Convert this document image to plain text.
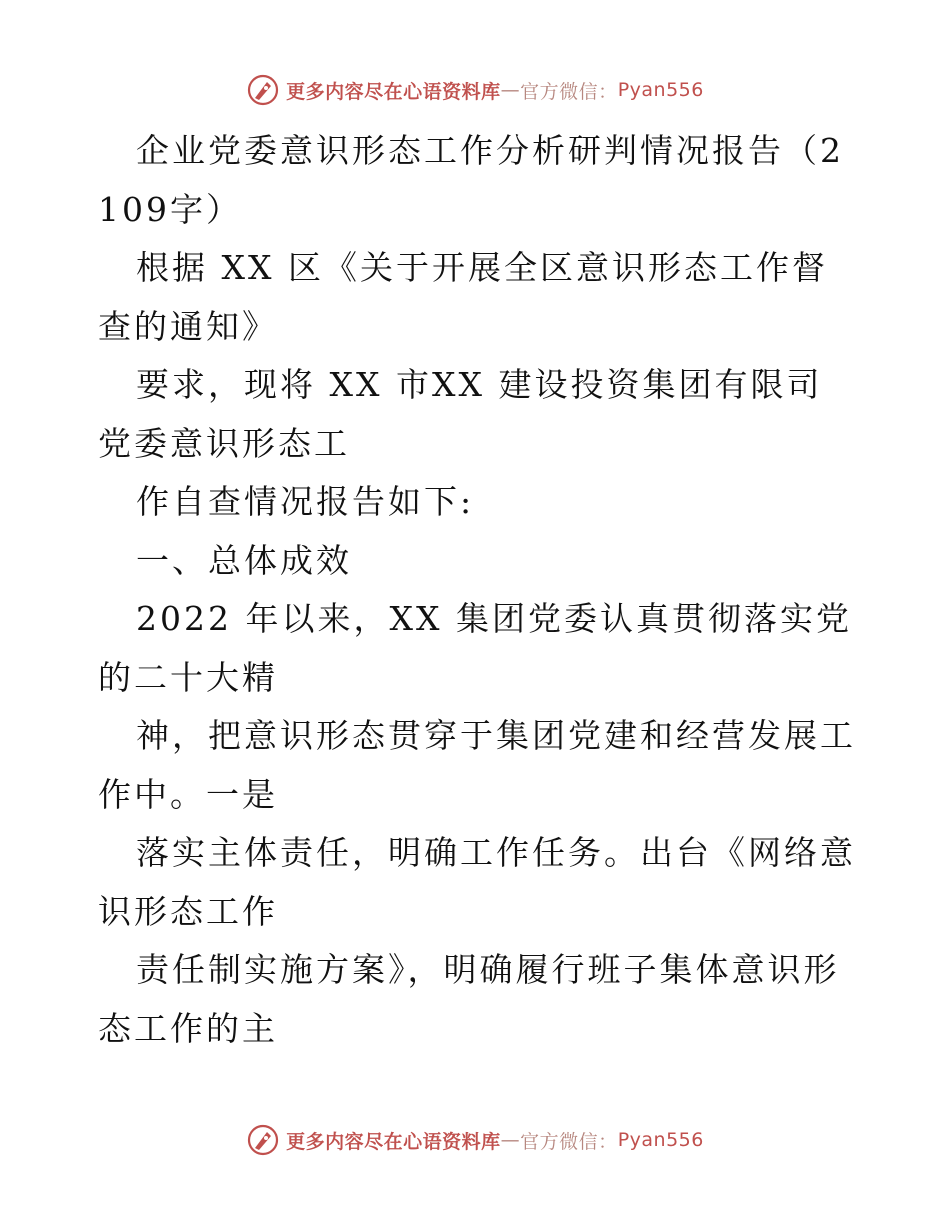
更多内容尽在心语资料库 — 官方微信： Pyan556

企业党委意识形态工作分析研判情况报告（2109字）

根据 XX 区《关于开展全区意识形态工作督查的通知》

要求，现将 XX 市XX 建设投资集团有限司党委意识形态工

作自查情况报告如下:

一、总体成效

2022 年以来，XX 集团党委认真贯彻落实党的二十大精

神，把意识形态贯穿于集团党建和经营发展工作中。一是

落实主体责任，明确工作任务。出台《网络意识形态工作

责任制实施方案》，明确履行班子集体意识形态工作的主

更多内容尽在心语资料库 — 官方微信： Pyan556
